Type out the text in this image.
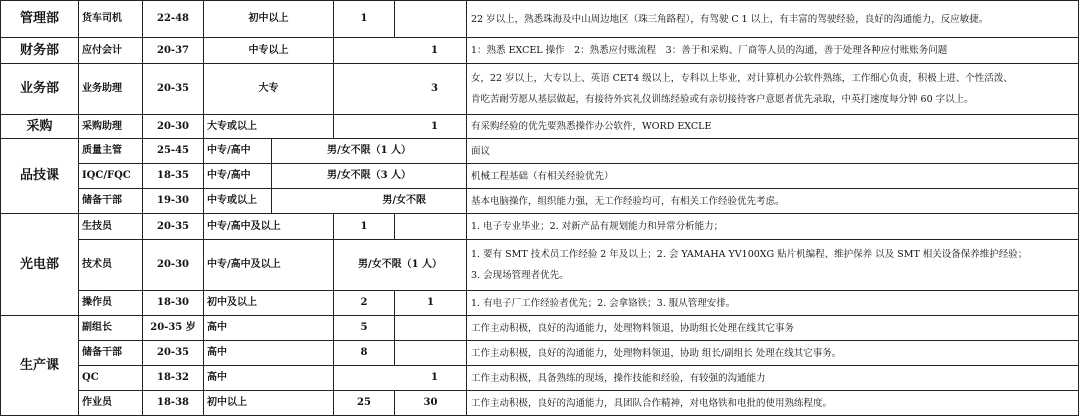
管理部	货车司机	22-48	初中以上		1		22 岁以上，熟悉珠海及中山周边地区（珠三角路程），有驾驶 C 1 以上，有丰富的驾驶经验，良好的沟通能力，反应敏捷。

财务部	应付会计	20-37	中专以上		1		1：熟悉 EXCEL 操作　2：熟悉应付账流程　3：善于和采购、厂商等人员的沟通，善于处理各种应付账账务问题

业务部	业务助理	20-35	大专		3		女，22 岁以上，大专以上、英语 CET4 级以上，专科以上毕业，对计算机办公软件熟练，工作细心负责，积极上进、个性活泼、
肯吃苦耐劳愿从基层做起，有接待外宾礼仪训练经验或有亲切接待客户意愿者优先录取，中英打速度每分钟 60 字以上。

采购	采购助理	20-30	大专或以上		1		有采购经验的优先要熟悉操作办公软件，WORD EXCLE

品技课	质量主管	25-45	中专/高中	男/女不限（1 人）			面议

	IQC/FQC	18-35	中专/高中	男/女不限（3 人）			机械工程基础（有相关经验优先）

	储备干部	19-30	中专或以上	男/女不限			基本电脑操作，组织能力强，无工作经验均可，有相关工作经验优先考虑。

光电部	生技员	20-35	中专/高中及以上		1		1. 电子专业毕业；2. 对新产品有规划能力和异常分析能力；

	技术员	20-30	中专/高中及以上		男/女不限（1 人）		1. 要有 SMT 技术员工作经验 2 年及以上；2. 会 YAMAHA YV100XG 贴片机编程、维护保养 以及 SMT 相关设备保养维护经验；
3. 会现场管理者优先。

	操作员	18-30	初中及以上		2	1	1. 有电子厂工作经验者优先；2. 会拿铬铁；3. 服从管理安排。

生产课	副组长	20-35 岁	高中		5		工作主动积极，良好的沟通能力，处理物料领退，协助组长处理在线其它事务

	储备干部	20-35	高中		8		工作主动积极，良好的沟通能力，处理物料领退，协助 组长/副组长 处理在线其它事务。

	QC	18-32	高中		1		工作主动积极，具备熟练的现场，操作技能和经验，有较强的沟通能力

	作业员	18-38	初中以上		25	30	工作主动积极，良好的沟通能力，具团队合作精神，对电烙铁和电批的使用熟练程度。
